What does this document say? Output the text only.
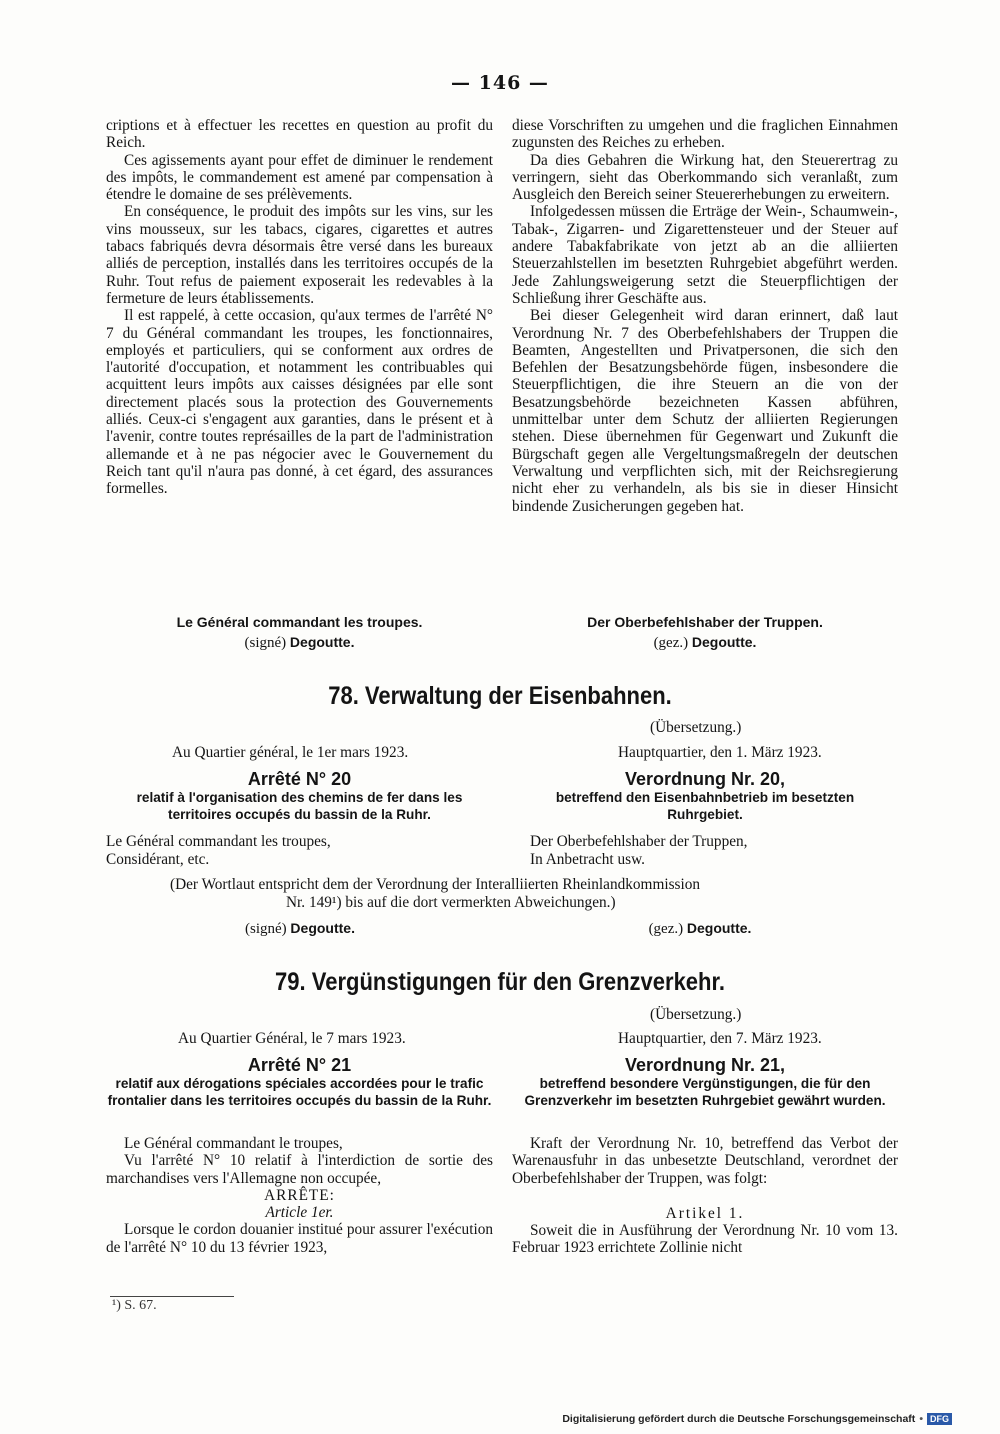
— 146 —

criptions et à effectuer les recettes en question au profit du Reich.

Ces agissements ayant pour effet de diminuer le rendement des impôts, le commandement est amené par compensation à étendre le domaine de ses prélèvements.

En conséquence, le produit des impôts sur les vins, sur les vins mousseux, sur les tabacs, cigares, cigarettes et autres tabacs fabriqués devra désormais être versé dans les bureaux alliés de perception, installés dans les territoires occupés de la Ruhr. Tout refus de paiement exposerait les redevables à la fermeture de leurs établissements.

Il est rappelé, à cette occasion, qu'aux termes de l'arrêté N° 7 du Général commandant les troupes, les fonctionnaires, employés et particuliers, qui se conforment aux ordres de l'autorité d'occupation, et notamment les contribuables qui acquittent leurs impôts aux caisses désignées par elle sont directement placés sous la protection des Gouvernements alliés. Ceux-ci s'engagent aux garanties, dans le présent et à l'avenir, contre toutes représailles de la part de l'administration allemande et à ne pas négocier avec le Gouvernement du Reich tant qu'il n'aura pas donné, à cet égard, des assurances formelles.

diese Vorschriften zu umgehen und die fraglichen Einnahmen zugunsten des Reiches zu erheben.

Da dies Gebahren die Wirkung hat, den Steuerertrag zu verringern, sieht das Oberkommando sich veranlaßt, zum Ausgleich den Bereich seiner Steuererhebungen zu erweitern.

Infolgedessen müssen die Erträge der Wein-, Schaumwein-, Tabak-, Zigarren- und Zigarettensteuer und der Steuer auf andere Tabakfabrikate von jetzt ab an die alliierten Steuerzahlstellen im besetzten Ruhrgebiet abgeführt werden. Jede Zahlungsweigerung setzt die Steuerpflichtigen der Schließung ihrer Geschäfte aus.

Bei dieser Gelegenheit wird daran erinnert, daß laut Verordnung Nr. 7 des Oberbefehlshabers der Truppen die Beamten, Angestellten und Privatpersonen, die sich den Befehlen der Besatzungsbehörde fügen, insbesondere die Steuerpflichtigen, die ihre Steuern an die von der Besatzungsbehörde bezeichneten Kassen abführen, unmittelbar unter dem Schutz der alliierten Regierungen stehen. Diese übernehmen für Gegenwart und Zukunft die Bürgschaft gegen alle Vergeltungsmaßregeln der deutschen Verwaltung und verpflichten sich, mit der Reichsregierung nicht eher zu verhandeln, als bis sie in dieser Hinsicht bindende Zusicherungen gegeben hat.

Le Général commandant les troupes.
(signé) Degoutte.
Der Oberbefehlshaber der Truppen.
(gez.) Degoutte.
78. Verwaltung der Eisenbahnen.
(Übersetzung.)
Au Quartier général, le 1er mars 1923.	Hauptquartier, den 1. März 1923.
Arrêté N° 20
relatif à l'organisation des chemins de fer dans les territoires occupés du bassin de la Ruhr.
Verordnung Nr. 20,
betreffend den Eisenbahnbetrieb im besetzten Ruhrgebiet.
Le Général commandant les troupes,
Considérant, etc.
Der Oberbefehlshaber der Truppen,
In Anbetracht usw.
(Der Wortlaut entspricht dem der Verordnung der Interalliierten Rheinlandkommission
Nr. 149¹) bis auf die dort vermerkten Abweichungen.)
(signé) Degoutte.	(gez.) Degoutte.
79. Vergünstigungen für den Grenzverkehr.
(Übersetzung.)
Au Quartier Général, le 7 mars 1923.	Hauptquartier, den 7. März 1923.
Arrêté N° 21
relatif aux dérogations spéciales accordées pour le trafic frontalier dans les territoires occupés du bassin de la Ruhr.
Verordnung Nr. 21,
betreffend besondere Vergünstigungen, die für den Grenzverkehr im besetzten Ruhrgebiet gewährt wurden.

Le Général commandant le troupes,

Vu l'arrêté N° 10 relatif à l'interdiction de sortie des marchandises vers l'Allemagne non occupée,

ARRÊTE:

Article 1er.

Lorsque le cordon douanier institué pour assurer l'exécution de l'arrêté N° 10 du 13 février 1923,

Kraft der Verordnung Nr. 10, betreffend das Verbot der Warenausfuhr in das unbesetzte Deutschland, verordnet der Oberbefehlshaber der Truppen, was folgt:

Artikel 1.

Soweit die in Ausführung der Verordnung Nr. 10 vom 13. Februar 1923 errichtete Zollinie nicht

¹) S. 67.
Digitalisierung gefördert durch die Deutsche Forschungsgemeinschaft • DFG
